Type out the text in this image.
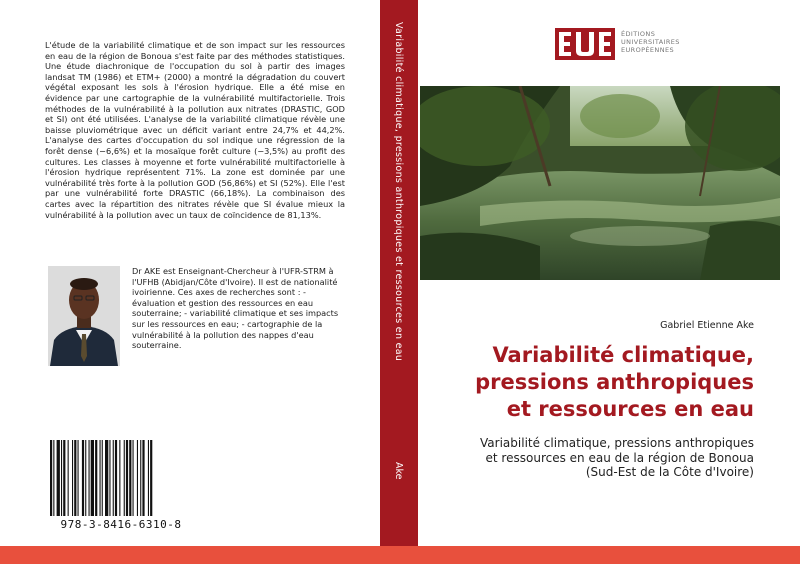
L'étude de la variabilité climatique et de son impact sur les ressources en eau de la région de Bonoua s'est faite par des méthodes statistiques. Une étude diachronique de l'occupation du sol à partir des images landsat TM (1986) et ETM+ (2000) a montré la dégradation du couvert végétal exposant les sols à l'érosion hydrique. Elle a été mise en évidence par une cartographie de la vulnérabilité multifactorielle. Trois méthodes de la vulnérabilité à la pollution aux nitrates (DRASTIC, GOD et SI) ont été utilisées. L'analyse de la variabilité climatique révèle une baisse pluviométrique avec un déficit variant entre 24,7% et 44,2%. L'analyse des cartes d'occupation du sol indique une régression de la forêt dense (−6,6%) et la mosaïque forêt culture (−3,5%) au profit des cultures. Les classes à moyenne et forte vulnérabilité multifactorielle à l'érosion hydrique représentent 71%. La zone est dominée par une vulnérabilité très forte à la pollution GOD (56,86%) et SI (52%). Elle l'est par une vulnérabilité forte DRASTIC (66,18%). La combinaison des cartes avec la répartition des nitrates révèle que SI évalue mieux la vulnérabilité à la pollution avec un taux de coïncidence de 81,13%.
Dr AKE est Enseignant-Chercheur à l'UFR-STRM à l'UFHB (Abidjan/Côte d'Ivoire). Il est de nationalité ivoirienne. Ces axes de recherches sont : - évaluation et gestion des ressources en eau souterraine; - variabilité climatique et ses impacts sur les ressources en eau; - cartographie de la vulnérabilité à la pollution des nappes d'eau souterraine.
978-3-8416-6310-8
Variabilité climatique, pressions anthropiques et ressources en eau
Ake
ÉDITIONS
UNIVERSITAIRES
EUROPÉENNES
Gabriel Etienne Ake
Variabilité climatique, pressions anthropiques et ressources en eau
Variabilité climatique, pressions anthropiques et ressources en eau de la région de Bonoua (Sud-Est de la Côte d'Ivoire)
